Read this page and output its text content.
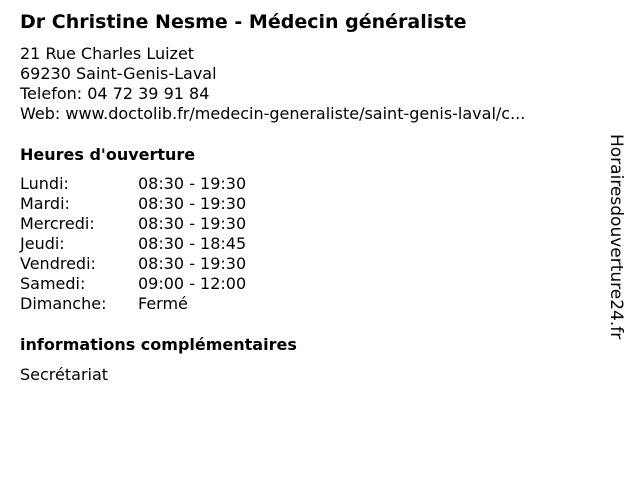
Dr Christine Nesme - Médecin généraliste
21 Rue Charles Luizet
69230 Saint-Genis-Laval
Telefon: 04 72 39 91 84
Web: www.doctolib.fr/medecin-generaliste/saint-genis-laval/c...
Heures d'ouverture
Lundi:	08:30 - 19:30
Mardi:	08:30 - 19:30
Mercredi:	08:30 - 19:30
Jeudi:	08:30 - 18:45
Vendredi:	08:30 - 19:30
Samedi:	09:00 - 12:00
Dimanche:	Fermé
informations complémentaires
Secrétariat
Horairesdouverture24.fr
